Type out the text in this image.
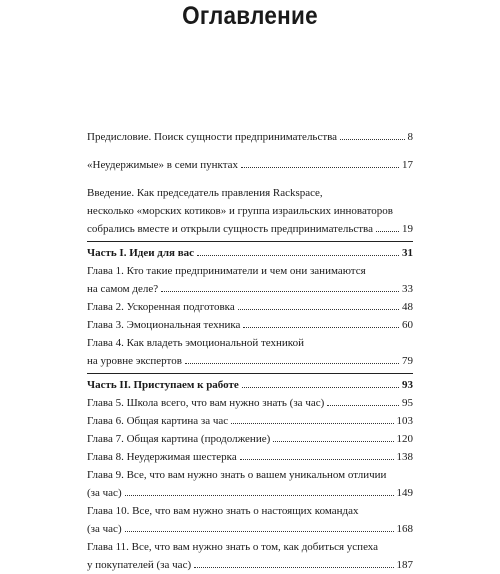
Оглавление
Предисловие. Поиск сущности предпринимательства	8
«Неудержимые» в семи пунктах	17
Введение. Как председатель правления Rackspace,
несколько «морских котиков» и группа израильских инноваторов
собрались вместе и открыли сущность предпринимательства	19
Часть I. Идеи для вас	31
Глава 1. Кто такие предприниматели и чем они занимаются
на самом деле?	33
Глава 2. Ускоренная подготовка	48
Глава 3. Эмоциональная техника	60
Глава 4. Как владеть эмоциональной техникой
на уровне экспертов	79
Часть II. Приступаем к работе	93
Глава 5. Школа всего, что вам нужно знать (за час)	95
Глава 6. Общая картина за час	103
Глава 7. Общая картина (продолжение)	120
Глава 8. Неудержимая шестерка	138
Глава 9. Все, что вам нужно знать о вашем уникальном отличии
(за час)	149
Глава 10. Все, что вам нужно знать о настоящих командах
(за час)	168
Глава 11. Все, что вам нужно знать о том, как добиться успеха
у покупателей (за час)	187
